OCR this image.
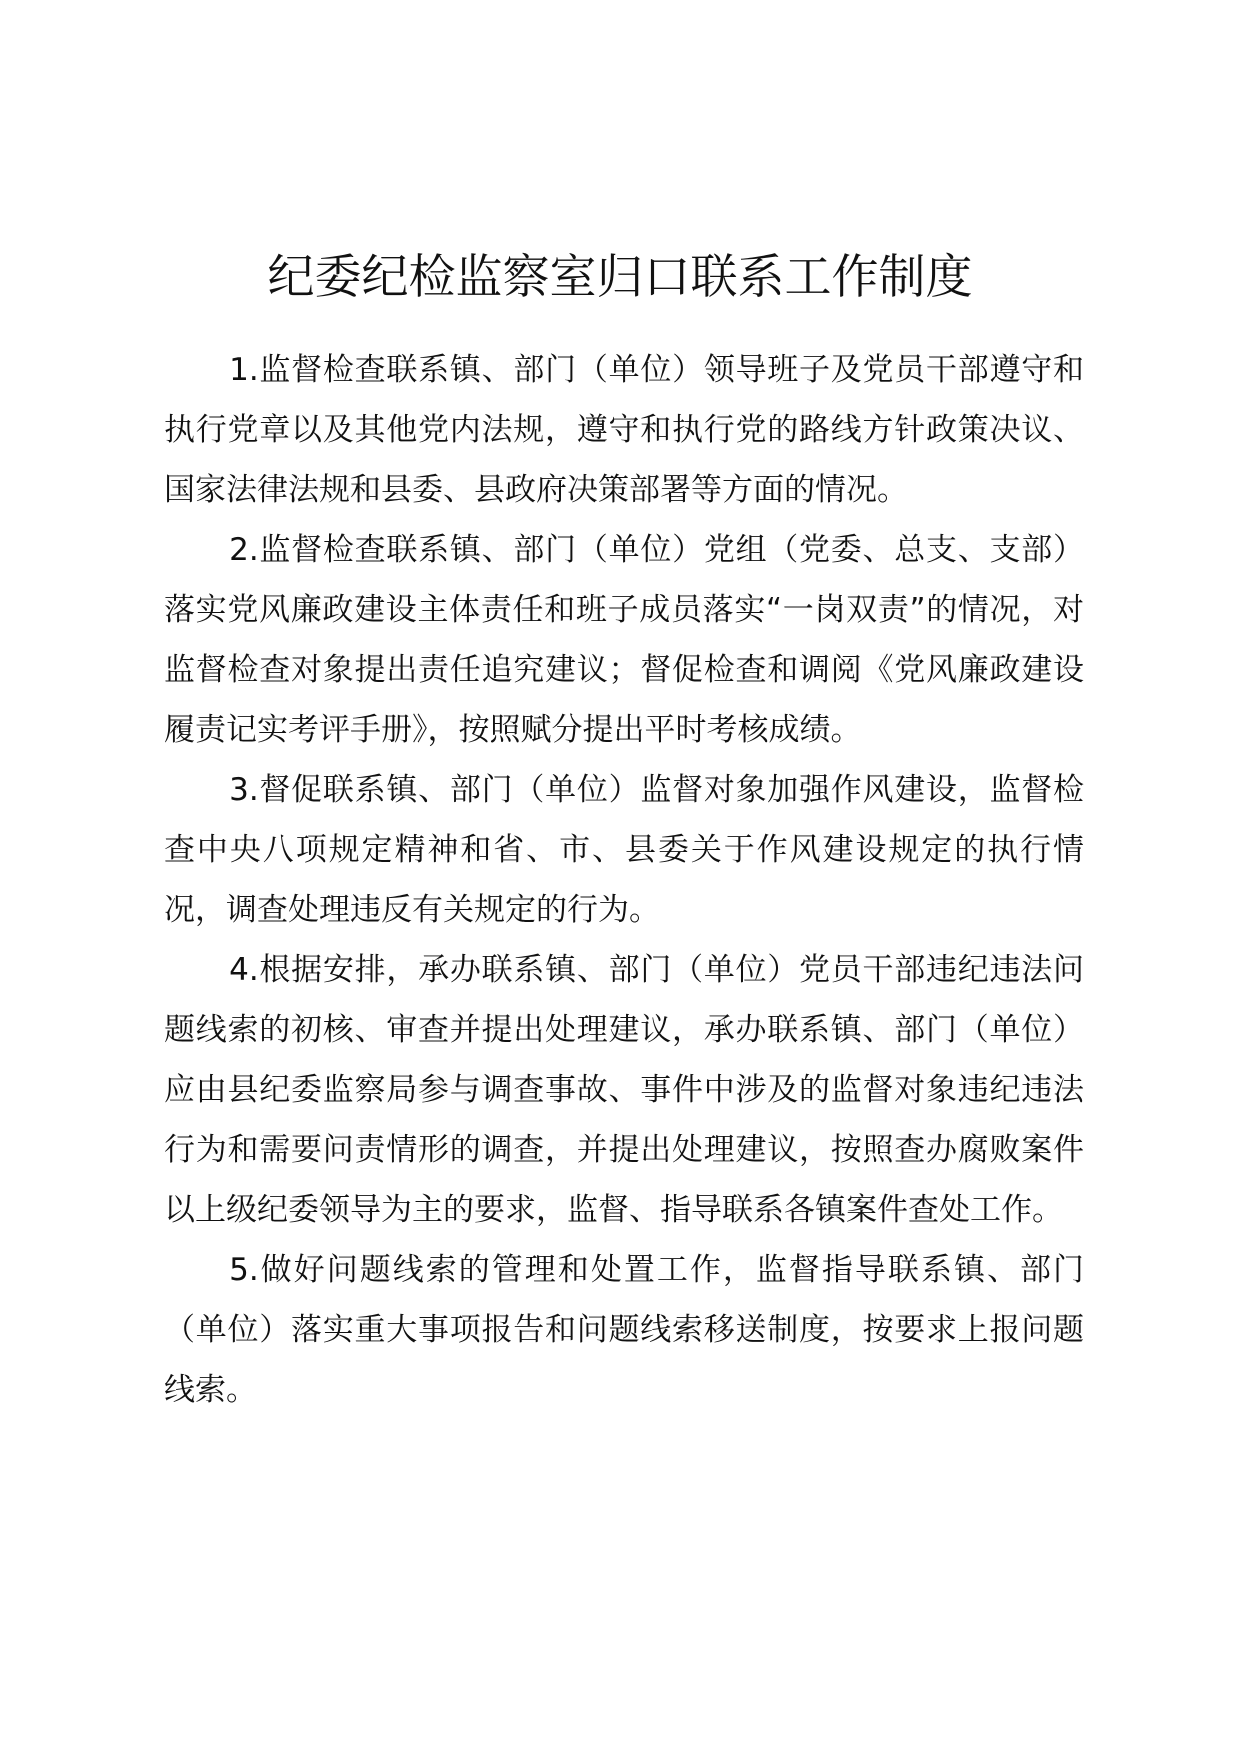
纪委纪检监察室归口联系工作制度

1.监督检查联系镇、部门（单位）领导班子及党员干部遵守和执行党章以及其他党内法规，遵守和执行党的路线方针政策决议、国家法律法规和县委、县政府决策部署等方面的情况。

2.监督检查联系镇、部门（单位）党组（党委、总支、支部）落实党风廉政建设主体责任和班子成员落实“一岗双责”的情况，对监督检查对象提出责任追究建议；督促检查和调阅《党风廉政建设履责记实考评手册》，按照赋分提出平时考核成绩。

3.督促联系镇、部门（单位）监督对象加强作风建设，监督检查中央八项规定精神和省、市、县委关于作风建设规定的执行情况，调查处理违反有关规定的行为。

4.根据安排，承办联系镇、部门（单位）党员干部违纪违法问题线索的初核、审查并提出处理建议，承办联系镇、部门（单位）应由县纪委监察局参与调查事故、事件中涉及的监督对象违纪违法行为和需要问责情形的调查，并提出处理建议，按照查办腐败案件以上级纪委领导为主的要求，监督、指导联系各镇案件查处工作。

5.做好问题线索的管理和处置工作，监督指导联系镇、部门（单位）落实重大事项报告和问题线索移送制度，按要求上报问题线索。
